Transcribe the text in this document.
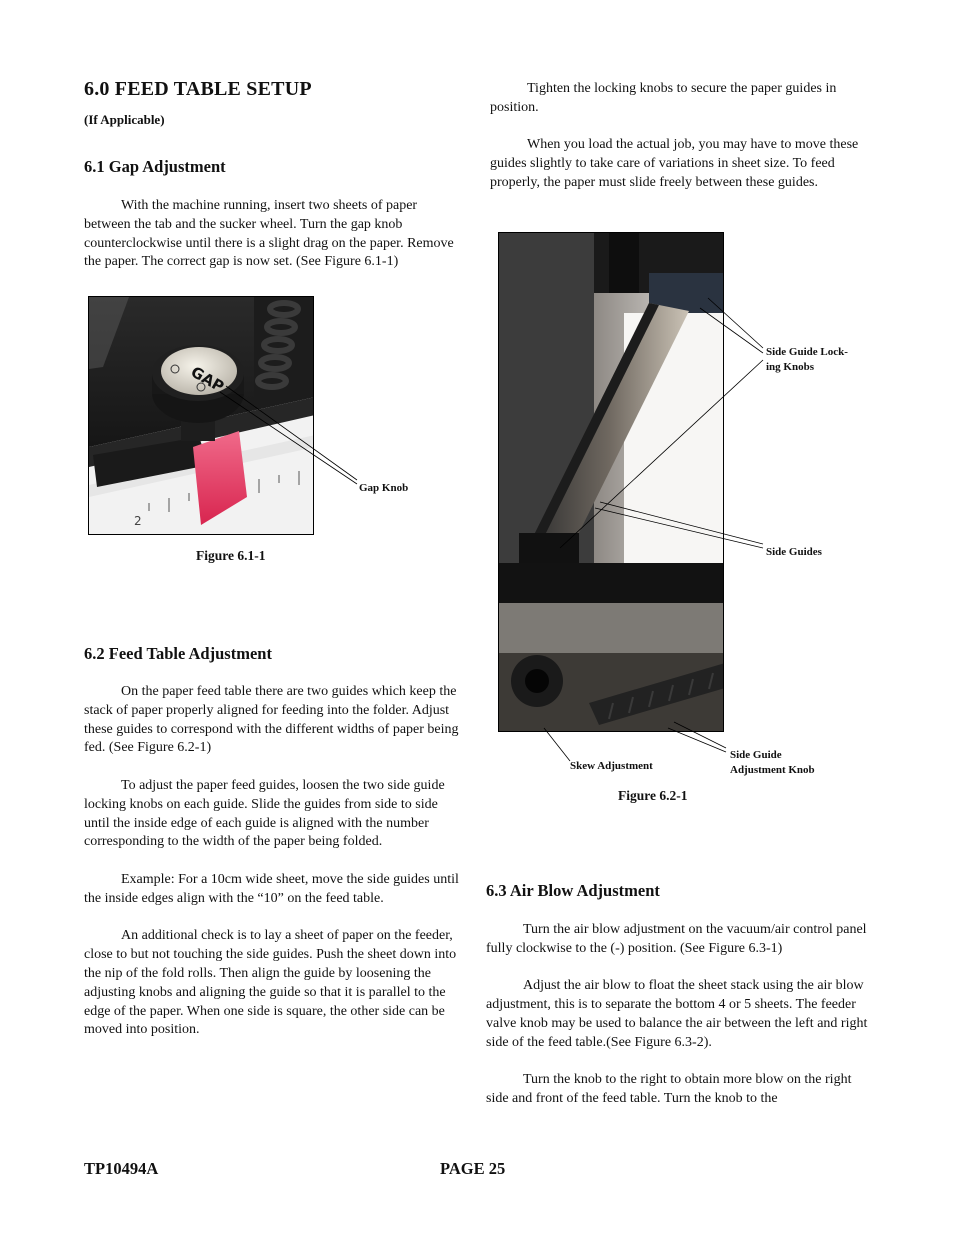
6.0 FEED TABLE SETUP
(If Applicable)
6.1 Gap Adjustment

With the machine running, insert two sheets of paper between the tab and the sucker wheel. Turn the gap knob counterclockwise until there is a slight drag on the paper. Remove the paper. The correct gap is now set. (See Figure 6.1-1)

2
GAP
Gap Knob
Figure 6.1-1
6.2 Feed Table Adjustment

On the paper feed table there are two guides which keep the stack of paper properly aligned for feeding into the folder. Adjust these guides to correspond with the different widths of paper being fed. (See Figure 6.2-1)

To adjust the paper feed guides, loosen the two side guide locking knobs on each guide. Slide the guides from side to side until the inside edge of each guide is aligned with the number corresponding to the width of the paper being folded.

Example: For a 10cm wide sheet, move the side guides until the inside edges align with the “10” on the feed table.

An additional check is to lay a sheet of paper on the feeder, close to but not touching the side guides. Push the sheet down into the nip of the fold rolls. Then align the guide by loosening the adjusting knobs and aligning the guide so that it is parallel to the edge of the paper. When one side is square, the other side can be moved into position.

Tighten the locking knobs to secure the paper guides in position.

When you load the actual job, you may have to move these guides slightly to take care of variations in sheet size. To feed properly, the paper must slide freely between these guides.

Side Guide Lock-
ing Knobs
Side Guides
Skew Adjustment
Side Guide
Adjustment Knob
Figure 6.2-1
6.3 Air Blow Adjustment

Turn the air blow adjustment on the vacuum/air control panel fully clockwise to the (-) position. (See Figure 6.3-1)

Adjust the air blow to float the sheet stack using the air blow adjustment, this is to separate the bottom 4 or 5 sheets. The feeder valve knob may be used to balance the air between the left and right side of the feed table.(See Figure 6.3-2).

Turn the knob to the right to obtain more blow on the right side and front of the feed table. Turn the knob to the

TP10494A	PAGE 25
